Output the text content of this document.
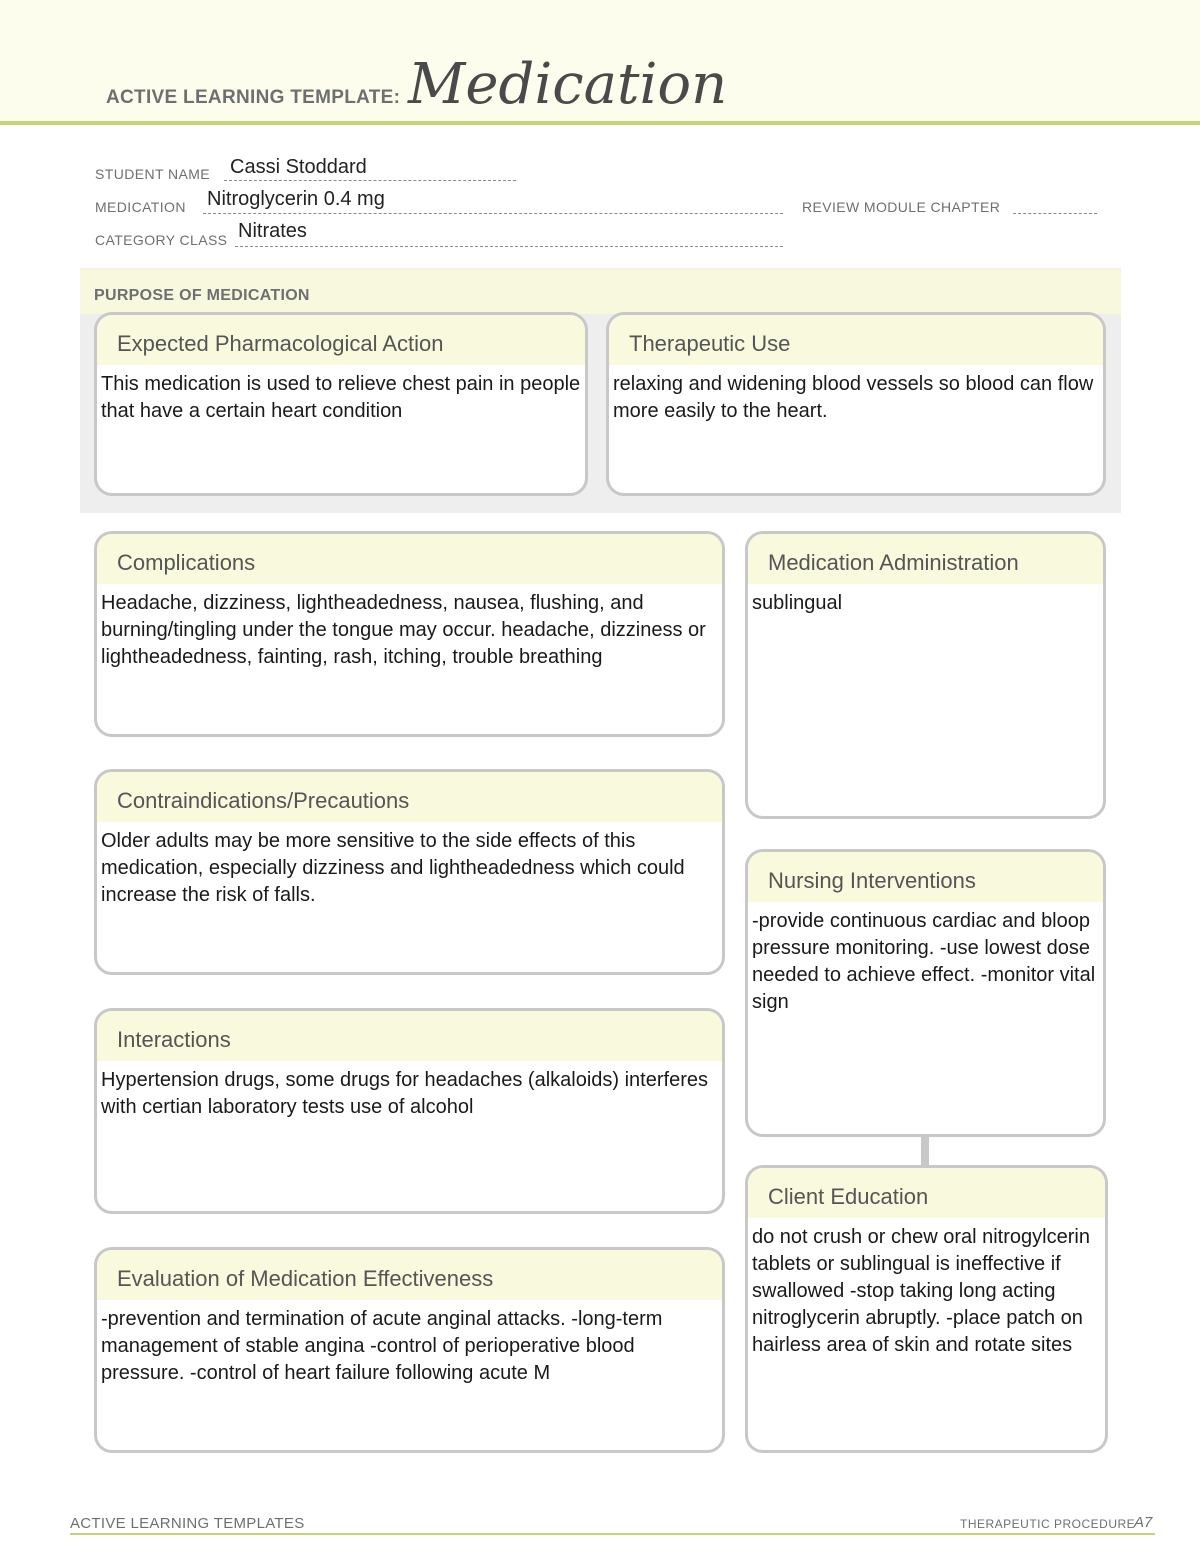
ACTIVE LEARNING TEMPLATE: Medication
STUDENT NAME Cassi Stoddard
MEDICATION Nitroglycerin 0.4 mg	REVIEW MODULE CHAPTER
CATEGORY CLASS Nitrates
PURPOSE OF MEDICATION
Expected Pharmacological Action
This medication is used to relieve chest pain in people that have a certain heart condition
Therapeutic Use
relaxing and widening blood vessels so blood can flow more easily to the heart.
Complications
Headache, dizziness, lightheadedness, nausea, flushing, and burning/tingling under the tongue may occur. headache, dizziness or lightheadedness, fainting, rash, itching, trouble breathing
Contraindications/Precautions
Older adults may be more sensitive to the side effects of this medication, especially dizziness and lightheadedness which could increase the risk of falls.
Interactions
Hypertension drugs, some drugs for headaches (alkaloids) interferes with certian laboratory tests use of alcohol
Evaluation of Medication Effectiveness
-prevention and termination of acute anginal attacks. -long-term management of stable angina -control of perioperative blood pressure. -control of heart failure following acute M
Medication Administration
sublingual
Nursing Interventions
-provide continuous cardiac and bloop pressure monitoring. -use lowest dose needed to achieve effect. -monitor vital sign
Client Education
do not crush or chew oral nitrogylcerin tablets or sublingual is ineffective if swallowed -stop taking long acting nitroglycerin abruptly. -place patch on hairless area of skin and rotate sites
ACTIVE LEARNING TEMPLATES	THERAPEUTIC PROCEDURE
A7
